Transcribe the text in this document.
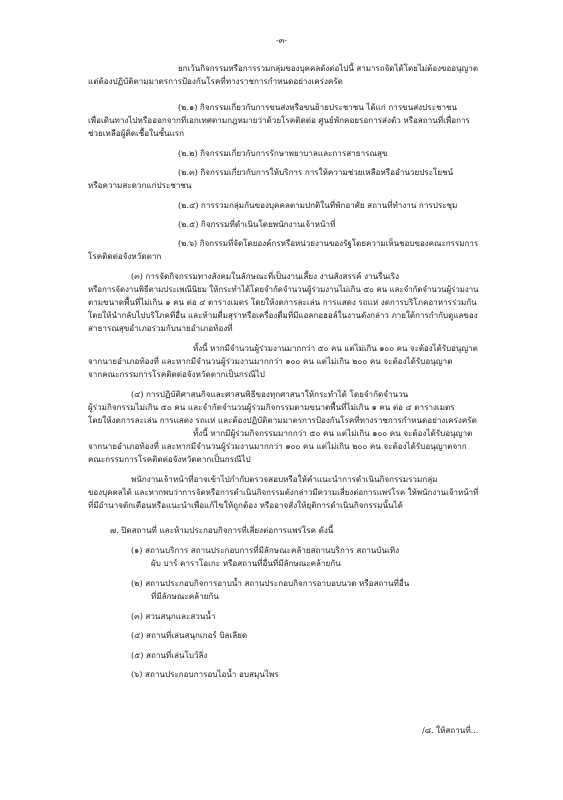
-๓-

ยกเว้นกิจกรรมหรือการรวมกลุ่มของบุคคลดังต่อไปนี้ สามารถจัดได้โดยไม่ต้องขออนุญาต

แต่ต้องปฏิบัติตามมาตรการป้องกันโรคที่ทางราชการกำหนดอย่างเคร่งครัด

(๒.๑) กิจกรรมเกี่ยวกับการขนส่งหรือขนย้ายประชาชน ได้แก่ การขนส่งประชาชน

เพื่อเดินทางไปหรือออกจากที่เอกเทศตามกฎหมายว่าด้วยโรคติดต่อ ศูนย์พักคอยรอการส่งตัว หรือสถานที่เพื่อการ

ช่วยเหลือผู้ติดเชื้อในชั้นแรก

(๒.๒) กิจกรรมเกี่ยวกับการรักษาพยาบาลและการสาธารณสุข

(๒.๓) กิจกรรมเกี่ยวกับการให้บริการ การให้ความช่วยเหลือหรืออำนวยประโยชน์

หรือความสะดวกแก่ประชาชน

(๒.๔) การรวมกลุ่มกันของบุคคลตามปกติในที่พักอาศัย สถานที่ทำงาน การประชุม

(๒.๕) กิจกรรมที่ดำเนินโดยพนักงานเจ้าหน้าที่

(๒.๖) กิจกรรมที่จัดโดยองค์กรหรือหน่วยงานของรัฐโดยความเห็นชอบของคณะกรรมการ

โรคติดต่อจังหวัดตาก

(๓) การจัดกิจกรรมทางสังคมในลักษณะที่เป็นงานเลี้ยง งานสังสรรค์ งานรื่นเริง

หรือการจัดงานพิธีตามประเพณีนิยม ให้กระทำได้โดยจำกัดจำนวนผู้ร่วมงานไม่เกิน ๕๐ คน และจำกัดจำนวนผู้ร่วมงาน

ตามขนาดพื้นที่ไม่เกิน ๑ คน ต่อ ๔ ตารางเมตร โดยให้งดการละเล่น การแสดง รถแห่ งดการบริโภคอาหารร่วมกัน

โดยให้นำกลับไปบริโภคที่อื่น และห้ามดื่มสุราหรือเครื่องดื่มที่มีแอลกอฮอล์ในงานดังกล่าว ภายใต้การกำกับดูแลของ

สาธารณสุขอำเภอร่วมกับนายอำเภอท้องที่

ทั้งนี้ หากมีจำนวนผู้ร่วมงานมากกว่า ๕๐ คน แต่ไม่เกิน ๑๐๐ คน จะต้องได้รับอนุญาต

จากนายอำเภอท้องที่ และหากมีจำนวนผู้ร่วมงานมากกว่า ๑๐๐ คน แต่ไม่เกิน ๒๐๐ คน จะต้องได้รับอนุญาต

จากคณะกรรมการโรคติดต่อจังหวัดตากเป็นกรณีไป

(๔) การปฏิบัติศาสนกิจและศาสนพิธีของทุกศาสนาให้กระทำได้ โดยจำกัดจำนวน

ผู้ร่วมกิจกรรมไม่เกิน ๕๐ คน และจำกัดจำนวนผู้ร่วมกิจกรรมตามขนาดพื้นที่ไม่เกิน ๑ คน ต่อ ๔ ตารางเมตร

โดยให้งดการละเล่น การแสดง รถแห่ และต้องปฏิบัติตามมาตรการป้องกันโรคที่ทางราชการกำหนดอย่างเคร่งครัด

ทั้งนี้ หากมีผู้ร่วมกิจกรรมมากกว่า ๕๐ คน แต่ไม่เกิน ๑๐๐ คน จะต้องได้รับอนุญาต

จากนายอำเภอท้องที่ และหากมีจำนวนผู้ร่วมงานมากกว่า ๑๐๐ คน แต่ไม่เกิน ๒๐๐ คน จะต้องได้รับอนุญาตจาก

คณะกรรมการโรคติดต่อจังหวัดตากเป็นกรณีไป

พนักงานเจ้าหน้าที่อาจเข้าไปกำกับตรวจสอบหรือให้คำแนะนำการดำเนินกิจกรรมรวมกลุ่ม

ของบุคคลได้ และหากพบว่าการจัดหรือการดำเนินกิจกรรมดังกล่าวมีความเสี่ยงต่อการแพร่โรค ให้พนักงานเจ้าหน้าที่

ที่มีอำนาจตักเตือนหรือแนะนำเพื่อแก้ไขให้ถูกต้อง หรืออาจสั่งให้ยุติการดำเนินกิจกรรมนั้นได้

๗. ปิดสถานที่ และห้ามประกอบกิจการที่เสี่ยงต่อการแพร่โรค ดังนี้

(๑) สถานบริการ สถานประกอบการที่มีลักษณะคล้ายสถานบริการ สถานบันเทิง

ผับ บาร์ คาราโอเกะ หรือสถานที่อื่นที่มีลักษณะคล้ายกัน

(๒) สถานประกอบกิจการอาบน้ำ สถานประกอบกิจการอาบอบนวด หรือสถานที่อื่น

ที่มีลักษณะคล้ายกัน

(๓) สวนสนุกและสวนน้ำ

(๔) สถานที่เล่นสนุกเกอร์ บิลเลียด

(๕) สถานที่เล่นโบว์ลิ่ง

(๖) สถานประกอบการอบไอน้ำ อบสมุนไพร

/๘. ให้สถานที่...
